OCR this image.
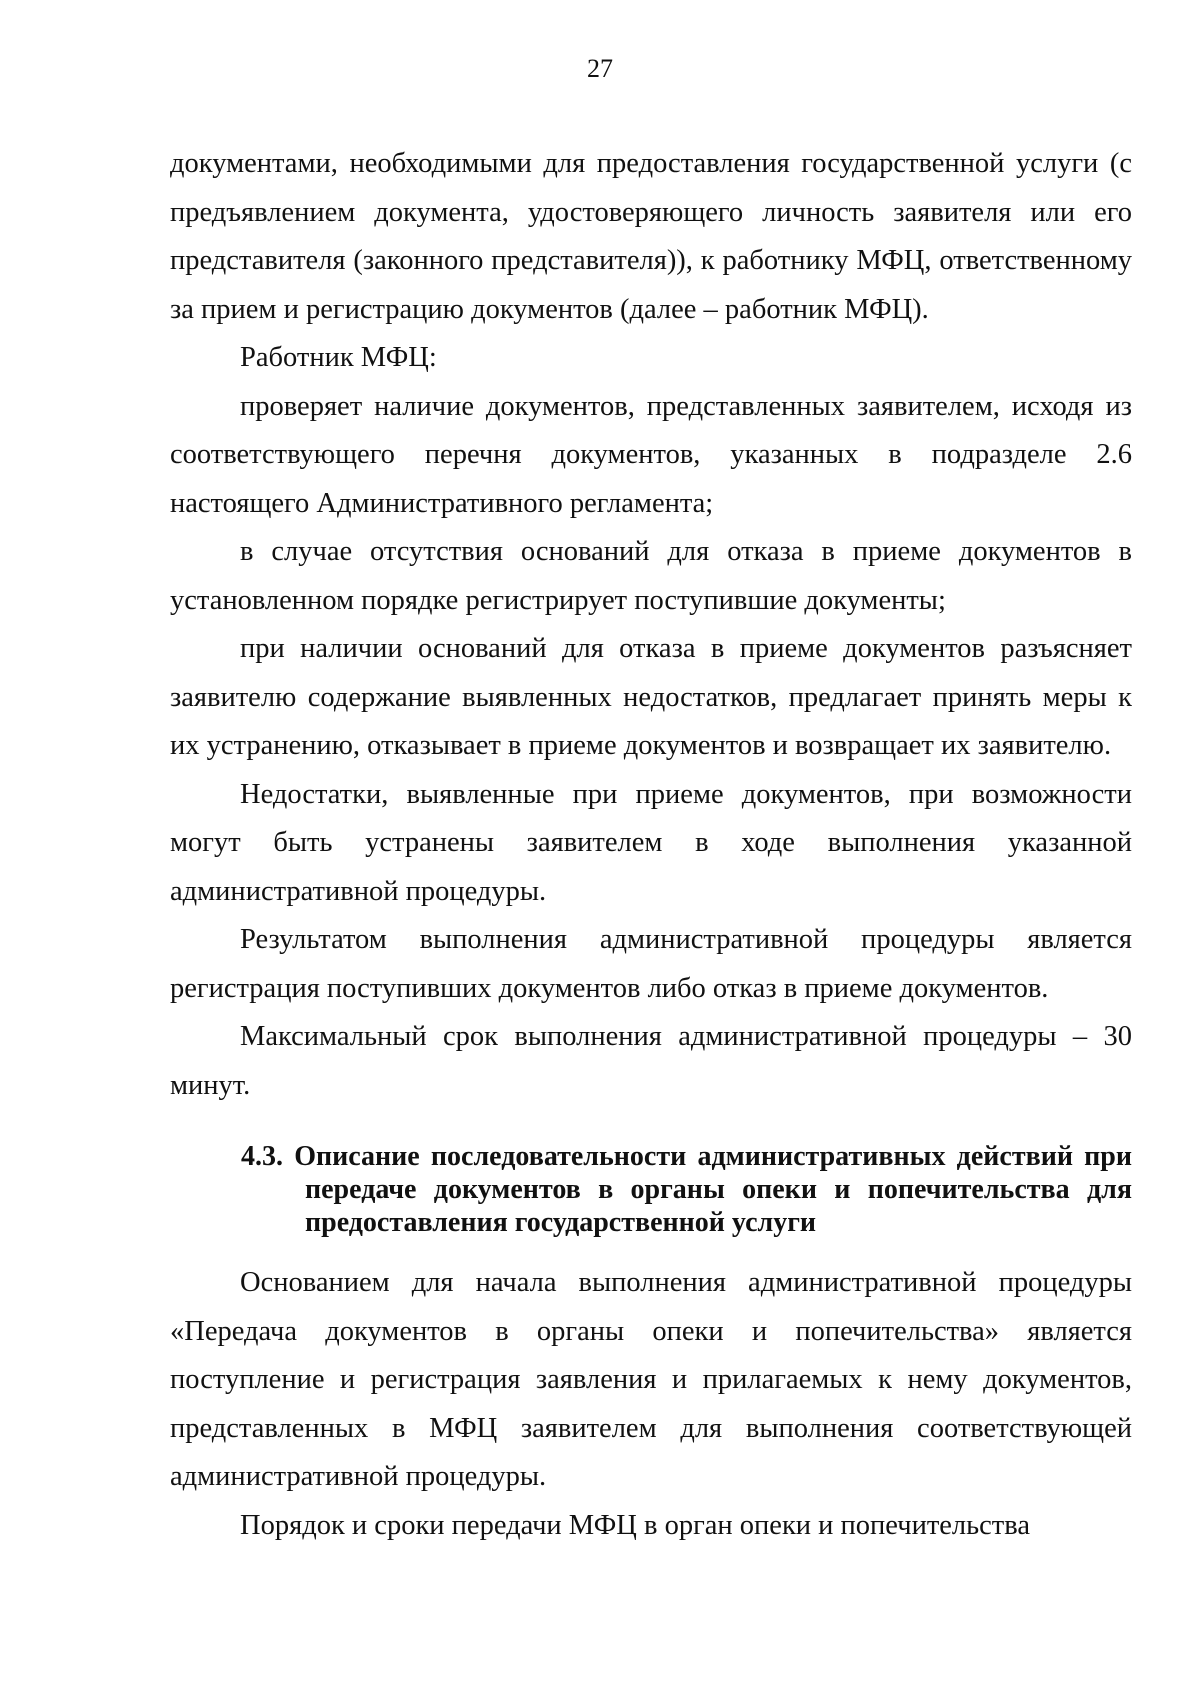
27

документами, необходимыми для предоставления государственной услуги (с предъявлением документа, удостоверяющего личность заявителя или его представителя (законного представителя)), к работнику МФЦ, ответственному за прием и регистрацию документов (далее – работник МФЦ).

Работник МФЦ:

проверяет наличие документов, представленных заявителем, исходя из соответствующего перечня документов, указанных в подразделе 2.6 настоящего Административного регламента;

в случае отсутствия оснований для отказа в приеме документов в установленном порядке регистрирует поступившие документы;

при наличии оснований для отказа в приеме документов разъясняет заявителю содержание выявленных недостатков, предлагает принять меры к их устранению, отказывает в приеме документов и возвращает их заявителю.

Недостатки, выявленные при приеме документов, при возможности могут быть устранены заявителем в ходе выполнения указанной административной процедуры.

Результатом выполнения административной процедуры является регистрация поступивших документов либо отказ в приеме документов.

Максимальный срок выполнения административной процедуры – 30 минут.

4.3. Описание последовательности административных действий при передаче документов в органы опеки и попечительства для предоставления государственной услуги

Основанием для начала выполнения административной процедуры «Передача документов в органы опеки и попечительства» является поступление и регистрация заявления и прилагаемых к нему документов, представленных в МФЦ заявителем для выполнения соответствующей административной процедуры.

Порядок и сроки передачи МФЦ в орган опеки и попечительства
